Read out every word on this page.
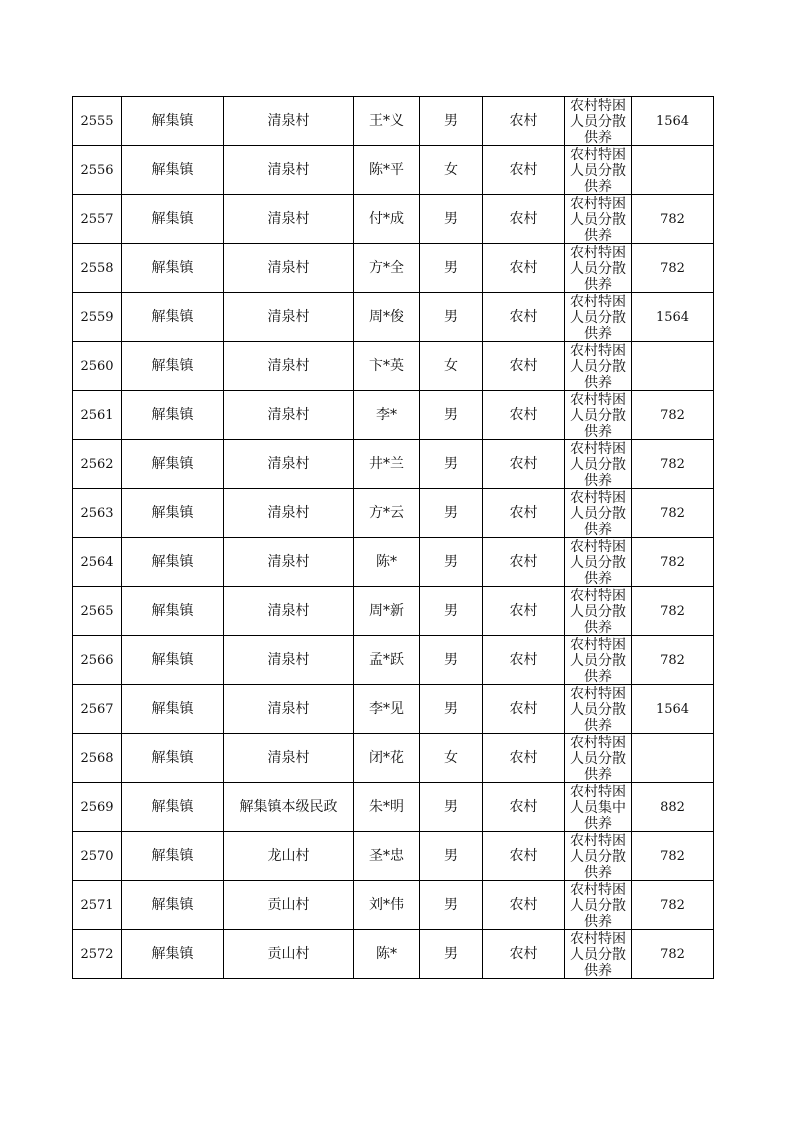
2555	解集镇	清泉村	王*义	男	农村	农村特困人员分散供养	1564
2556	解集镇	清泉村	陈*平	女	农村	农村特困人员分散供养	

2557	解集镇	清泉村	付*成	男	农村	农村特困人员分散供养	782
2558	解集镇	清泉村	方*全	男	农村	农村特困人员分散供养	782
2559	解集镇	清泉村	周*俊	男	农村	农村特困人员分散供养	1564
2560	解集镇	清泉村	卞*英	女	农村	农村特困人员分散供养	

2561	解集镇	清泉村	李*	男	农村	农村特困人员分散供养	782
2562	解集镇	清泉村	井*兰	男	农村	农村特困人员分散供养	782
2563	解集镇	清泉村	方*云	男	农村	农村特困人员分散供养	782
2564	解集镇	清泉村	陈*	男	农村	农村特困人员分散供养	782
2565	解集镇	清泉村	周*新	男	农村	农村特困人员分散供养	782
2566	解集镇	清泉村	孟*跃	男	农村	农村特困人员分散供养	782
2567	解集镇	清泉村	李*见	男	农村	农村特困人员分散供养	1564
2568	解集镇	清泉村	闭*花	女	农村	农村特困人员分散供养	

2569	解集镇	解集镇本级民政	朱*明	男	农村	农村特困人员集中供养	882
2570	解集镇	龙山村	圣*忠	男	农村	农村特困人员分散供养	782
2571	解集镇	贡山村	刘*伟	男	农村	农村特困人员分散供养	782
2572	解集镇	贡山村	陈*	男	农村	农村特困人员分散供养	782
